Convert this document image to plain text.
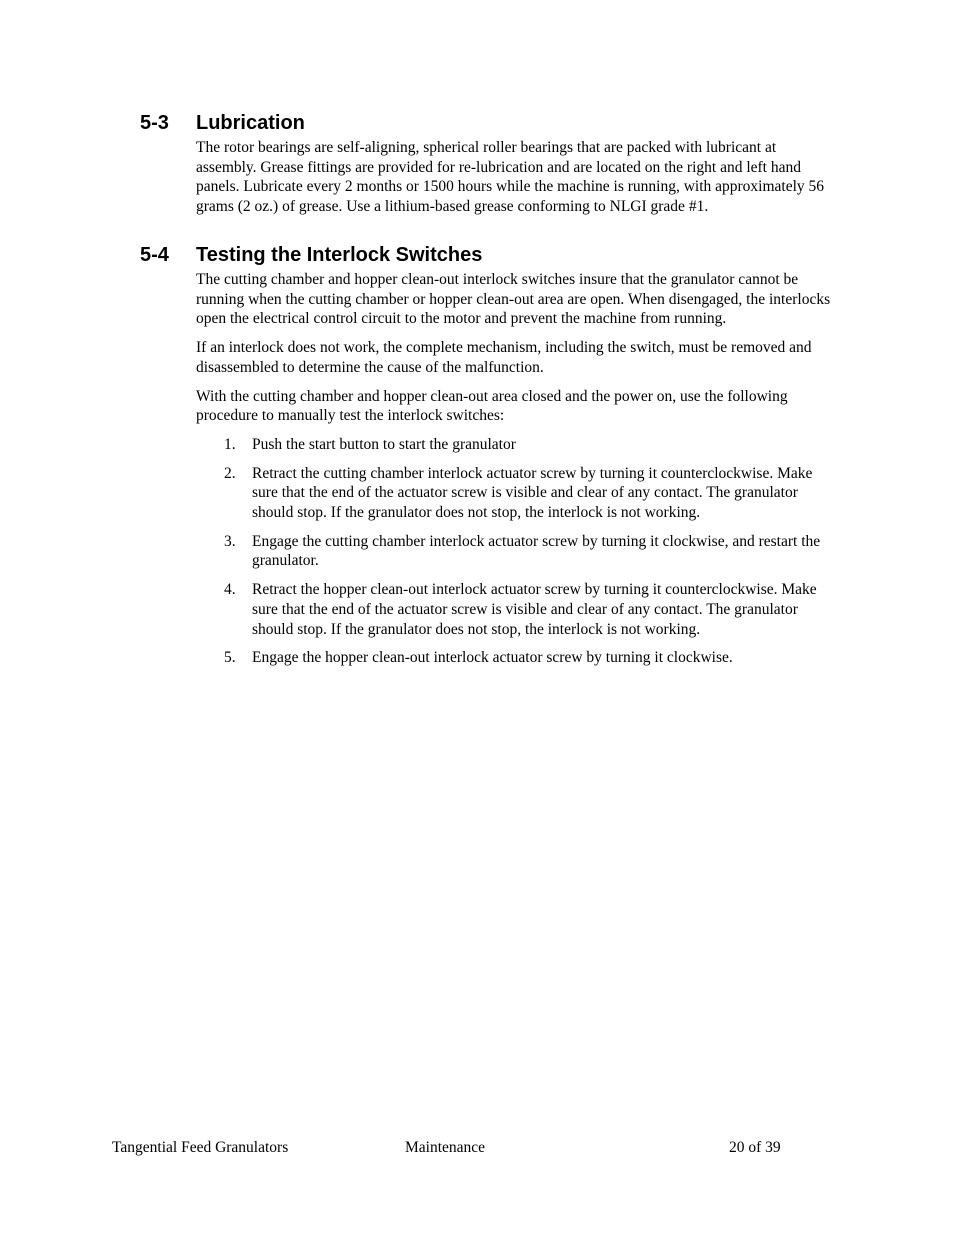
5-3	Lubrication

The rotor bearings are self-aligning, spherical roller bearings that are packed with lubricant at assembly. Grease fittings are provided for re-lubrication and are located on the right and left hand panels. Lubricate every 2 months or 1500 hours while the machine is running, with approximately 56 grams (2 oz.) of grease. Use a lithium-based grease conforming to NLGI grade #1.

5-4	Testing the Interlock Switches

The cutting chamber and hopper clean-out interlock switches insure that the granulator cannot be running when the cutting chamber or hopper clean-out area are open. When disengaged, the interlocks open the electrical control circuit to the motor and prevent the machine from running.

If an interlock does not work, the complete mechanism, including the switch, must be removed and disassembled to determine the cause of the malfunction.

With the cutting chamber and hopper clean-out area closed and the power on, use the following procedure to manually test the interlock switches:

1.	Push the start button to start the granulator
2.	Retract the cutting chamber interlock actuator screw by turning it counterclockwise. Make sure that the end of the actuator screw is visible and clear of any contact. The granulator should stop. If the granulator does not stop, the interlock is not working.
3.	Engage the cutting chamber interlock actuator screw by turning it clockwise, and restart the granulator.
4.	Retract the hopper clean-out interlock actuator screw by turning it counterclockwise. Make sure that the end of the actuator screw is visible and clear of any contact. The granulator should stop. If the granulator does not stop, the interlock is not working.
5.	Engage the hopper clean-out interlock actuator screw by turning it clockwise.
Tangential Feed Granulators	Maintenance	20 of 39
